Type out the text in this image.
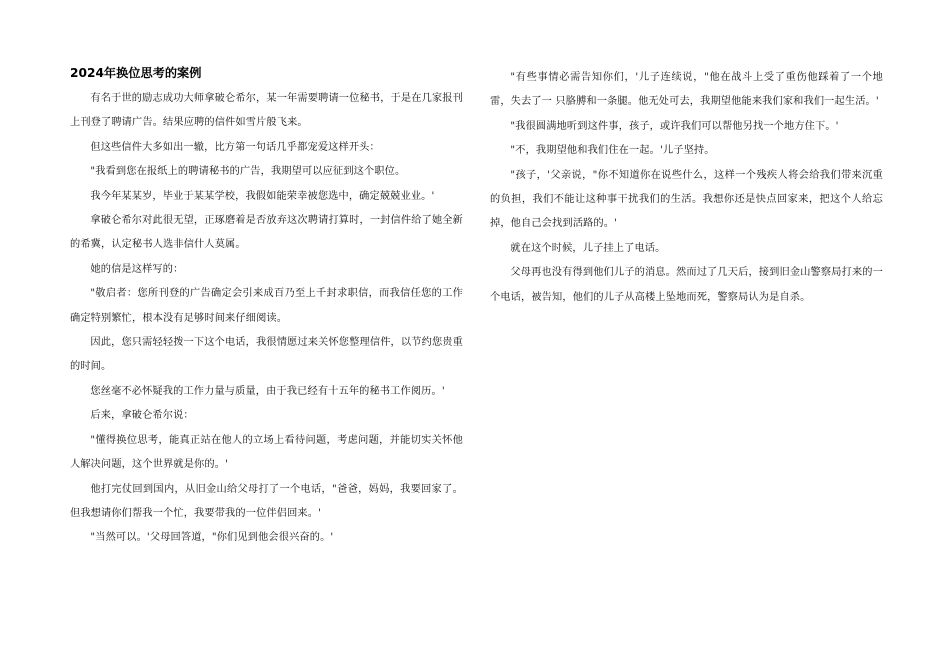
2024年换位思考的案例

有名于世的励志成功大师拿破仑希尔，某一年需要聘请一位秘书，于是在几家报刊上刊登了聘请广告。结果应聘的信件如雪片般飞来。

但这些信件大多如出一辙，比方第一句话几乎都宠爱这样开头：

"我看到您在报纸上的聘请秘书的广告，我期望可以应征到这个职位。

我今年某某岁，毕业于某某学校，我假如能荣幸被您选中，确定兢兢业业。'

拿破仑希尔对此很无望，正琢磨着是否放弃这次聘请打算时，一封信件给了她全新的希冀，认定秘书人选非信什人莫属。

她的信是这样写的：

"敬启者：您所刊登的广告确定会引来成百乃至上千封求职信，而我信任您的工作确定特别繁忙，根本没有足够时间来仔细阅读。

因此，您只需轻轻拨一下这个电话，我很情愿过来关怀您整理信件，以节约您贵重的时间。

您丝毫不必怀疑我的工作力量与质量，由于我已经有十五年的秘书工作阅历。'

后来，拿破仑希尔说：

"懂得换位思考，能真正站在他人的立场上看待问题，考虑问题，并能切实关怀他人解决问题，这个世界就是你的。'

他打完仗回到国内，从旧金山给父母打了一个电话，"爸爸，妈妈，我要回家了。但我想请你们帮我一个忙，我要带我的一位伴侣回来。'

"当然可以。'父母回答道，"你们见到他会很兴奋的。'

"有些事情必需告知你们，'儿子连续说，"他在战斗上受了重伤他踩着了一个地雷，失去了一 只胳膊和一条腿。他无处可去，我期望他能来我们家和我们一起生活。'

"我很圆满地听到这件事，孩子，或许我们可以帮他另找一个地方住下。'

"不，我期望他和我们住在一起。'儿子坚持。

"孩子，'父亲说，"你不知道你在说些什么，这样一个残疾人将会给我们带来沉重的负担，我们不能让这种事干扰我们的生活。我想你还是快点回家来，把这个人给忘掉，他自己会找到活路的。'

就在这个时候，儿子挂上了电话。

父母再也没有得到他们儿子的消息。然而过了几天后，接到旧金山警察局打来的一个电话，被告知，他们的儿子从高楼上坠地而死，警察局认为是自杀。
